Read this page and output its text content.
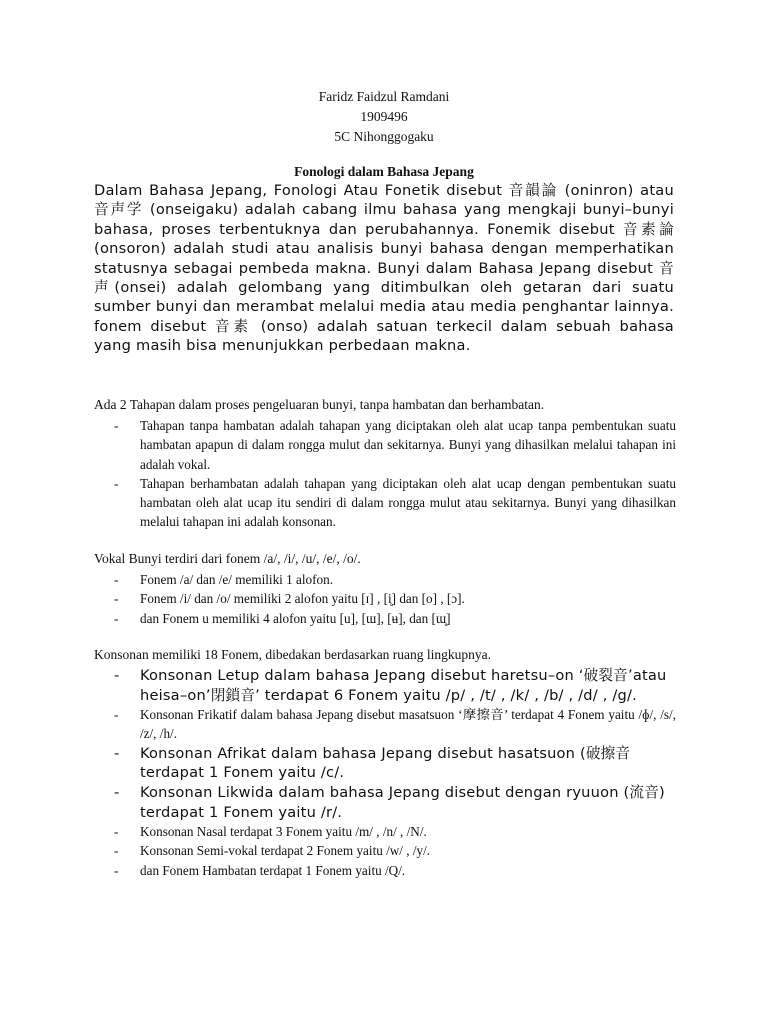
Faridz Faidzul Ramdani
1909496
5C Nihonggogaku
Fonologi dalam Bahasa Jepang

Dalam Bahasa Jepang, Fonologi Atau Fonetik disebut 音韻論 (oninron) atau 音声学 (onseigaku) adalah cabang ilmu bahasa yang mengkaji bunyi–bunyi bahasa, proses terbentuknya dan perubahannya. Fonemik disebut 音素論 (onsoron) adalah studi atau analisis bunyi bahasa dengan memperhatikan statusnya sebagai pembeda makna. Bunyi dalam Bahasa Jepang disebut 音声(onsei) adalah gelombang yang ditimbulkan oleh getaran dari suatu sumber bunyi dan merambat melalui media atau media penghantar lainnya. fonem disebut 音素 (onso) adalah satuan terkecil dalam sebuah bahasa yang masih bisa menunjukkan perbedaan makna.

Ada 2 Tahapan dalam proses pengeluaran bunyi, tanpa hambatan dan berhambatan.
- Tahapan tanpa hambatan adalah tahapan yang diciptakan oleh alat ucap tanpa pembentukan suatu hambatan apapun di dalam rongga mulut dan sekitarnya. Bunyi yang dihasilkan melalui tahapan ini adalah vokal.
- Tahapan berhambatan adalah tahapan yang diciptakan oleh alat ucap dengan pembentukan suatu hambatan oleh alat ucap itu sendiri di dalam rongga mulut atau sekitarnya. Bunyi yang dihasilkan melalui tahapan ini adalah konsonan.
Vokal Bunyi terdiri dari fonem /a/, /i/, /u/, /e/, /o/.
- Fonem /a/ dan /e/ memiliki 1 alofon.
- Fonem /i/ dan /o/ memiliki 2 alofon yaitu [ɪ] , [i̥] dan [o] , [ɔ].
- dan Fonem u memiliki 4 alofon yaitu [u], [ɯ], [ʉ], dan [ɯ̥]
Konsonan memiliki 18 Fonem, dibedakan berdasarkan ruang lingkupnya.
- Konsonan Letup dalam bahasa Jepang disebut haretsu–on ‘破裂音’atau heisa–on’閉鎖音’ terdapat 6 Fonem yaitu /p/ , /t/ , /k/ , /b/ , /d/ , /g/.
- Konsonan Frikatif dalam bahasa Jepang disebut masatsuon ‘摩擦音’ terdapat 4 Fonem yaitu /ɸ/, /s/, /z/, /h/.
- Konsonan Afrikat dalam bahasa Jepang disebut hasatsuon (破擦音 terdapat 1 Fonem yaitu /c/.
- Konsonan Likwida dalam bahasa Jepang disebut dengan ryuuon (流音) terdapat 1 Fonem yaitu /r/.
- Konsonan Nasal terdapat 3 Fonem yaitu /m/ , /n/ , /N/.
- Konsonan Semi-vokal terdapat 2 Fonem yaitu /w/ , /y/.
- dan Fonem Hambatan terdapat 1 Fonem yaitu /Q/.
